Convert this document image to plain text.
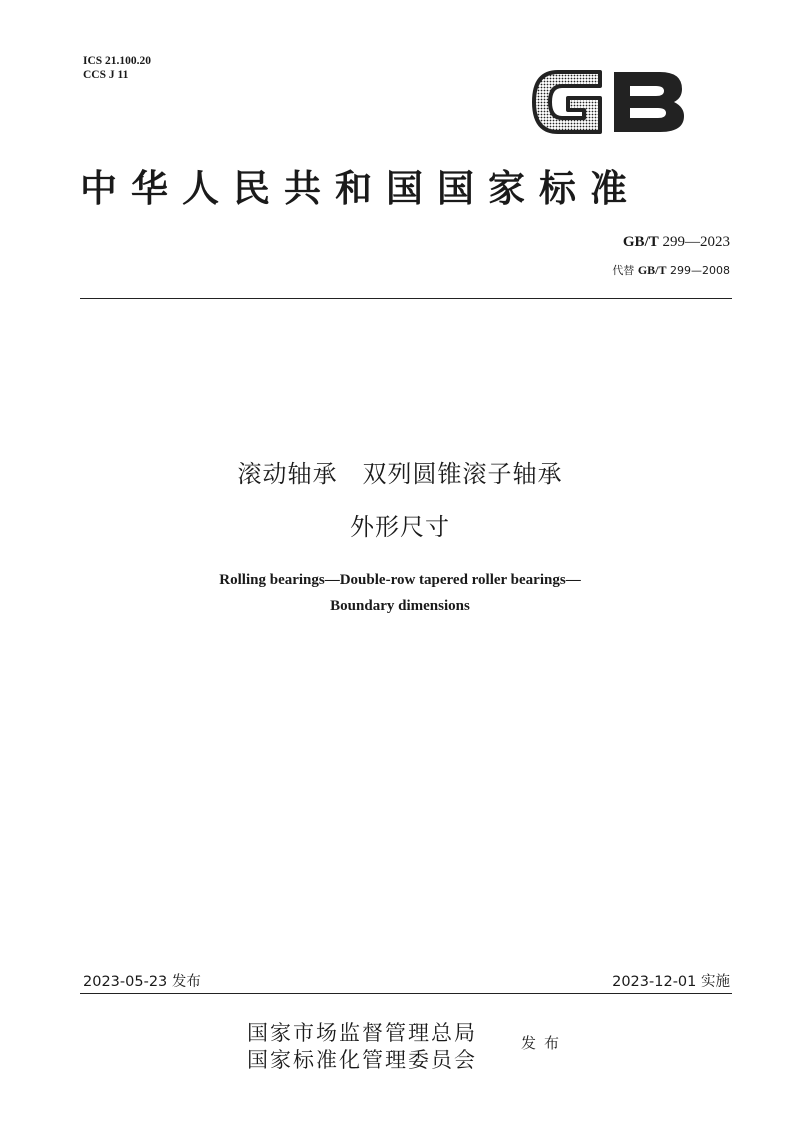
ICS 21.100.20
CCS J 11
中华人民共和国国家标准
GB/T 299—2023
代替 GB/T 299—2008
滚动轴承　双列圆锥滚子轴承
外形尺寸
Rolling bearings—Double-row tapered roller bearings—
Boundary dimensions
2023-05-23 发布	2023-12-01 实施
国家市场监督管理总局
国家标准化管理委员会
发布
